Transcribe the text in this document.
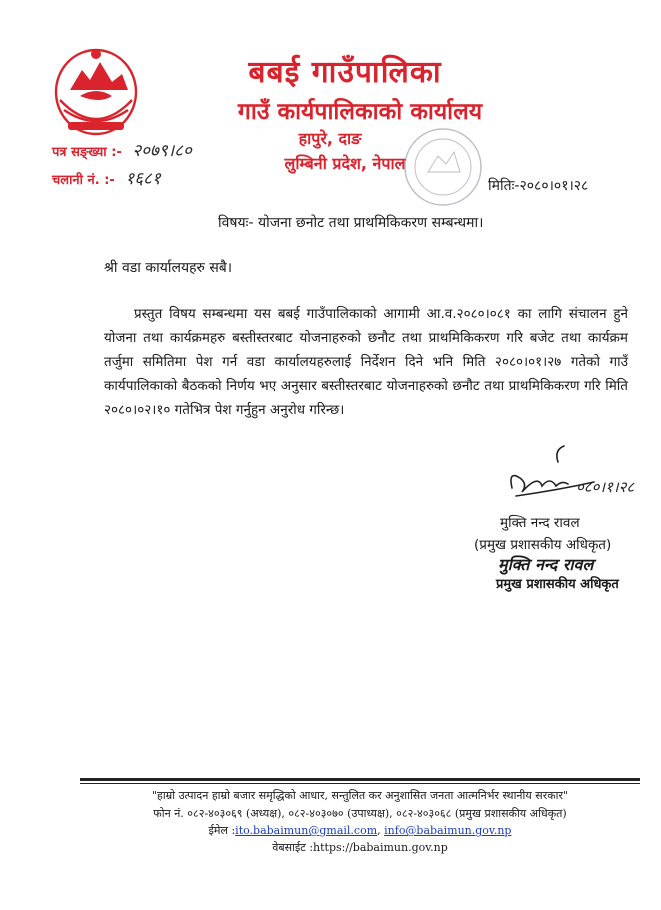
बबई गाउँपालिका
गाउँ कार्यपालिकाको कार्यालय
हापुरे, दाङ
लुम्बिनी प्रदेश, नेपाल
पत्र सङ्ख्या :- २०७९।८०
चलानी नं. :- १६८१	मितिः-२०८०।०१।२८
विषयः- योजना छनोट तथा प्राथमिकिकरण सम्बन्धमा।
श्री वडा कार्यालयहरु सबै।
प्रस्तुत विषय सम्बन्धमा यस बबई गाउँपालिकाको आगामी आ.व.२०८०।०८१ का लागि संचालन हुने योजना तथा कार्यक्रमहरु बस्तीस्तरबाट योजनाहरुको छनौट तथा प्राथमिकिकरण गरि बजेट तथा कार्यक्रम तर्जुमा समितिमा पेश गर्न वडा कार्यालयहरुलाई निर्देशन दिने भनि मिति २०८०।०१।२७ गतेको गाउँ कार्यपालिकाको बैठकको निर्णय भए अनुसार बस्तीस्तरबाट योजनाहरुको छनौट तथा प्राथमिकिकरण गरि मिति २०८०।०२।१० गतेभित्र पेश गर्नुहुन अनुरोध गरिन्छ।
०८०।१।२८
मुक्ति नन्द रावल
(प्रमुख प्रशासकीय अधिकृत)
मुक्ति नन्द रावल
प्रमुख प्रशासकीय अधिकृत
"हाम्रो उत्पादन हाम्रो बजार समृद्धिको आधार, सन्तुलित कर अनुशासित जनता आत्मनिर्भर स्थानीय सरकार"
फोन नं. ०८२-४०३०६९ (अध्यक्ष), ०८२-४०३०७० (उपाध्यक्ष), ०८२-४०३०६८ (प्रमुख प्रशासकीय अधिकृत)
ईमेल :ito.babaimun@gmail.com, info@babaimun.gov.np
वेबसाईट :https://babaimun.gov.np
